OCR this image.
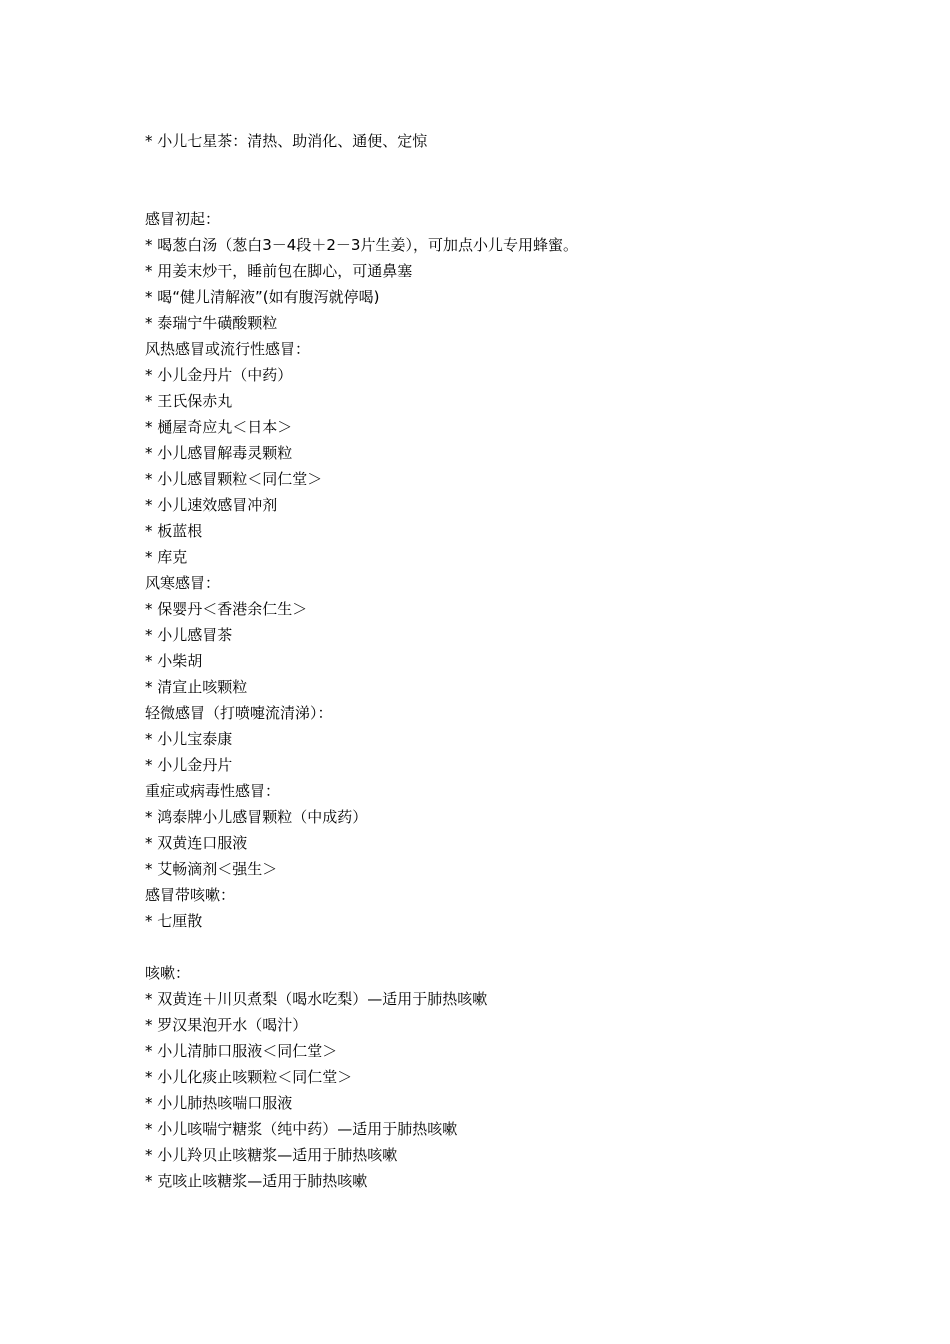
* 小儿七星茶：清热、助消化、通便、定惊
感冒初起：
* 喝葱白汤（葱白3－4段＋2－3片生姜），可加点小儿专用蜂蜜。
* 用姜末炒干，睡前包在脚心，可通鼻塞
* 喝“健儿清解液”(如有腹泻就停喝)
* 泰瑞宁牛磺酸颗粒
风热感冒或流行性感冒：
* 小儿金丹片（中药）
* 王氏保赤丸
* 樋屋奇应丸＜日本＞
* 小儿感冒解毒灵颗粒
* 小儿感冒颗粒＜同仁堂＞
* 小儿速效感冒冲剂
* 板蓝根
* 库克
风寒感冒：
* 保婴丹＜香港余仁生＞
* 小儿感冒茶
* 小柴胡
* 清宣止咳颗粒
轻微感冒（打喷嚏流清涕）：
* 小儿宝泰康
* 小儿金丹片
重症或病毒性感冒：
* 鸿泰牌小儿感冒颗粒（中成药）
* 双黄连口服液
* 艾畅滴剂＜强生＞
感冒带咳嗽：
* 七厘散
咳嗽：
* 双黄连＋川贝煮梨（喝水吃梨）—适用于肺热咳嗽
* 罗汉果泡开水（喝汁）
* 小儿清肺口服液＜同仁堂＞
* 小儿化痰止咳颗粒＜同仁堂＞
* 小儿肺热咳喘口服液
* 小儿咳喘宁糖浆（纯中药）—适用于肺热咳嗽
* 小儿羚贝止咳糖浆—适用于肺热咳嗽
* 克咳止咳糖浆—适用于肺热咳嗽
